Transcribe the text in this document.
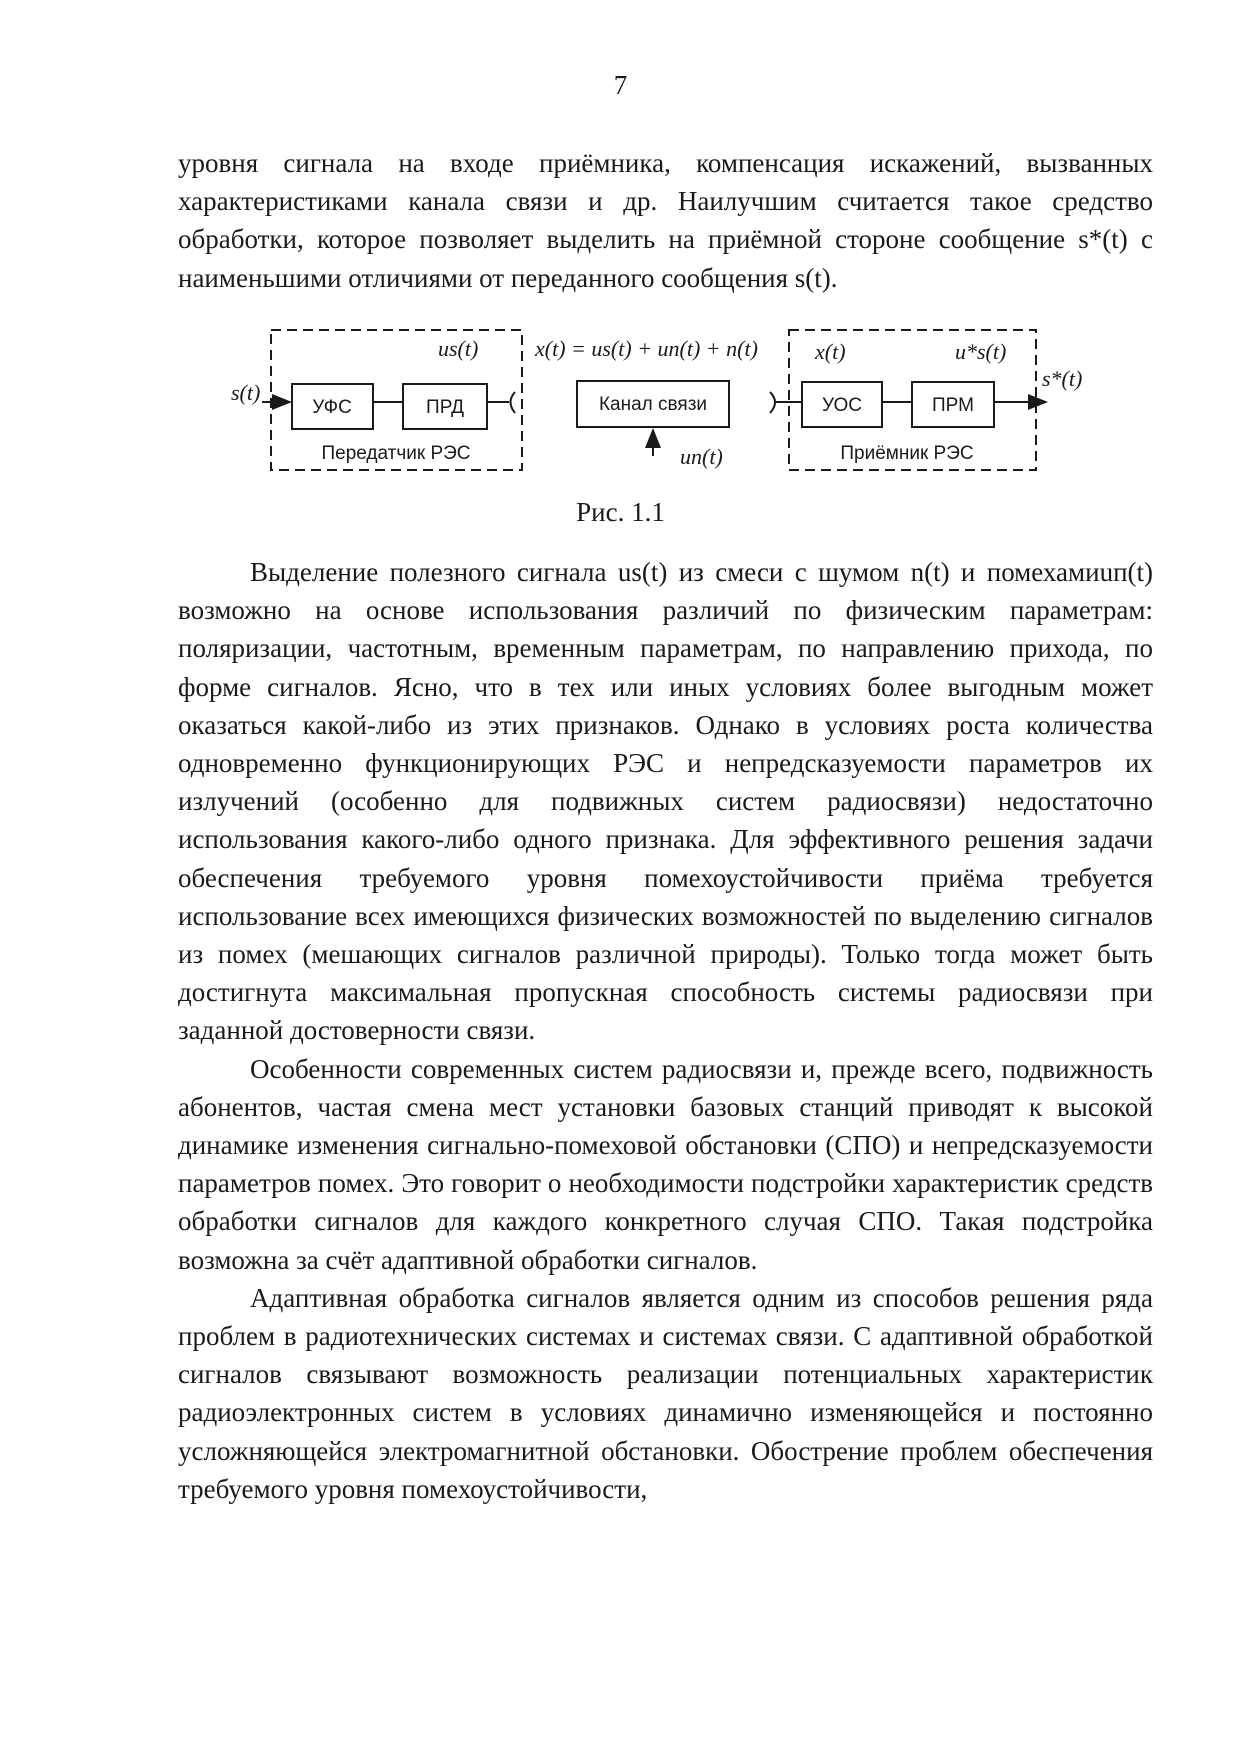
7

уровня сигнала на входе приёмника, компенсация искажений, вызванных характеристиками канала связи и др. Наилучшим считается такое средство обработки, которое позволяет выделить на приёмной стороне сообщение s*(t) с наименьшими отличиями от переданного сообщения s(t).

Передатчик РЭС
s(t)
УФС	ПРД
us(t)	x(t) = us(t) + un(t) + n(t)
Канал связи
un(t)	Приёмник РЭС
x(t)	u*s(t)
УОС	ПРМ
s*(t)
Рис. 1.1

Выделение полезного сигнала us(t) из смеси с шумом n(t) и помехамиuп(t) возможно на основе использования различий по физическим параметрам: поляризации, частотным, временным параметрам, по направлению прихода, по форме сигналов. Ясно, что в тех или иных условиях более выгодным может оказаться какой-либо из этих признаков. Однако в условиях роста количества одновременно функционирующих РЭС и непредсказуемости параметров их излучений (особенно для подвижных систем радиосвязи) недостаточно использования какого-либо одного признака. Для эффективного решения задачи обеспечения требуемого уровня помехоустойчивости приёма требуется использование всех имеющихся физических возможностей по выделению сигналов из помех (мешающих сигналов различной природы). Только тогда может быть достигнута максимальная пропускная способность системы радиосвязи при заданной достоверности связи.

Особенности современных систем радиосвязи и, прежде всего, подвижность абонентов, частая смена мест установки базовых станций приводят к высокой динамике изменения сигнально-помеховой обстановки (СПО) и непредсказуемости параметров помех. Это говорит о необходимости подстройки характеристик средств обработки сигналов для каждого конкретного случая СПО. Такая подстройка возможна за счёт адаптивной обработки сигналов.

Адаптивная обработка сигналов является одним из способов решения ряда проблем в радиотехнических системах и системах связи. С адаптивной обработкой сигналов связывают возможность реализации потенциальных характеристик радиоэлектронных систем в условиях динамично изменяющейся и постоянно усложняющейся электромагнитной обстановки. Обострение проблем обеспечения требуемого уровня помехоустойчивости,
